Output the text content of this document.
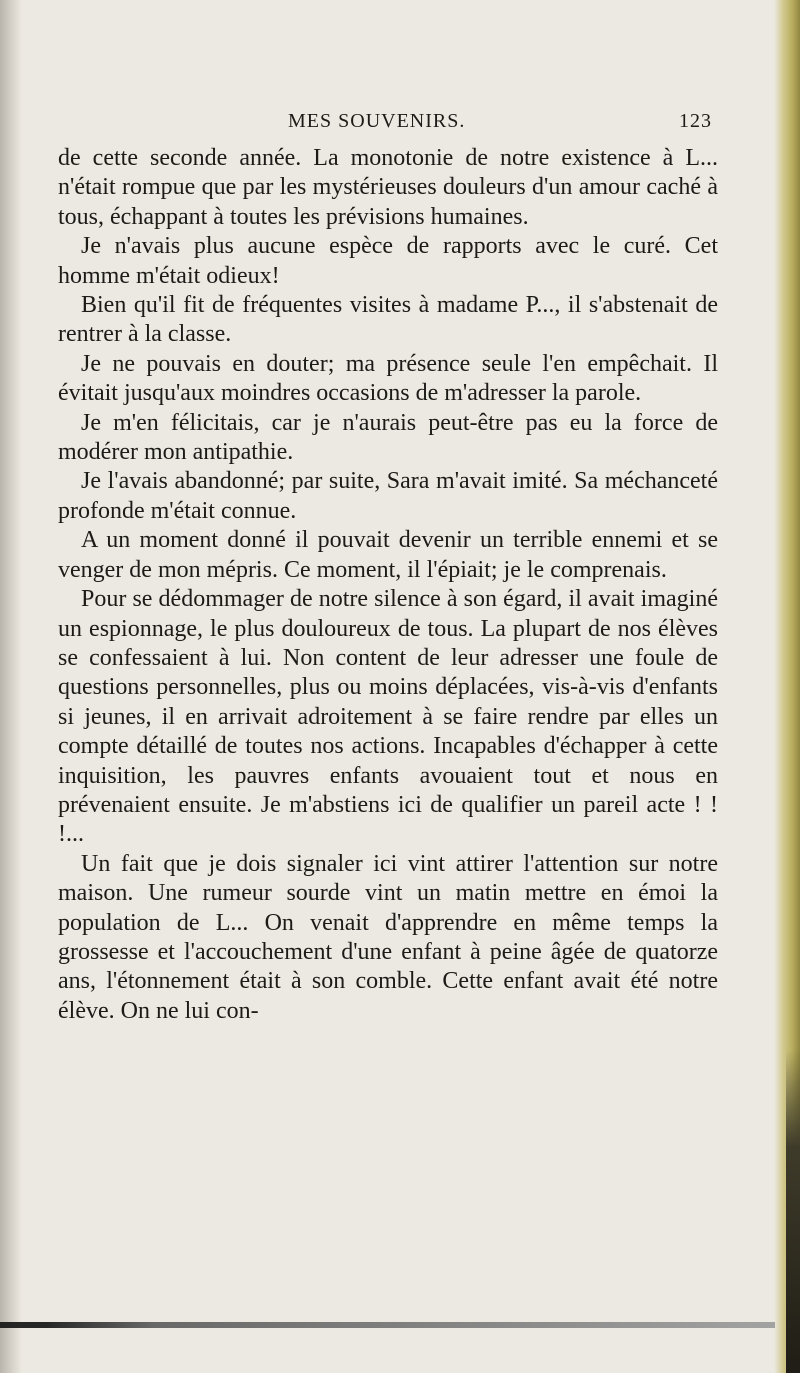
MES SOUVENIRS.	123

de cette seconde année. La monotonie de notre existence à L... n'était rompue que par les mystérieuses douleurs d'un amour caché à tous, échappant à toutes les prévisions humaines.

Je n'avais plus aucune espèce de rapports avec le curé. Cet homme m'était odieux!

Bien qu'il fit de fréquentes visites à madame P..., il s'abstenait de rentrer à la classe.

Je ne pouvais en douter; ma présence seule l'en empêchait. Il évitait jusqu'aux moindres occasions de m'adresser la parole.

Je m'en félicitais, car je n'aurais peut-être pas eu la force de modérer mon antipathie.

Je l'avais abandonné; par suite, Sara m'avait imité. Sa méchanceté profonde m'était connue.

A un moment donné il pouvait devenir un terrible ennemi et se venger de mon mépris. Ce moment, il l'épiait; je le comprenais.

Pour se dédommager de notre silence à son égard, il avait imaginé un espionnage, le plus douloureux de tous. La plupart de nos élèves se confessaient à lui. Non content de leur adresser une foule de questions personnelles, plus ou moins déplacées, vis-à-vis d'enfants si jeunes, il en arrivait adroitement à se faire rendre par elles un compte détaillé de toutes nos actions. Incapables d'échapper à cette inquisition, les pauvres enfants avouaient tout et nous en prévenaient ensuite. Je m'abstiens ici de qualifier un pareil acte ! ! !...

Un fait que je dois signaler ici vint attirer l'attention sur notre maison. Une rumeur sourde vint un matin mettre en émoi la population de L... On venait d'apprendre en même temps la grossesse et l'accouchement d'une enfant à peine âgée de quatorze ans, l'étonnement était à son comble. Cette enfant avait été notre élève. On ne lui con-
